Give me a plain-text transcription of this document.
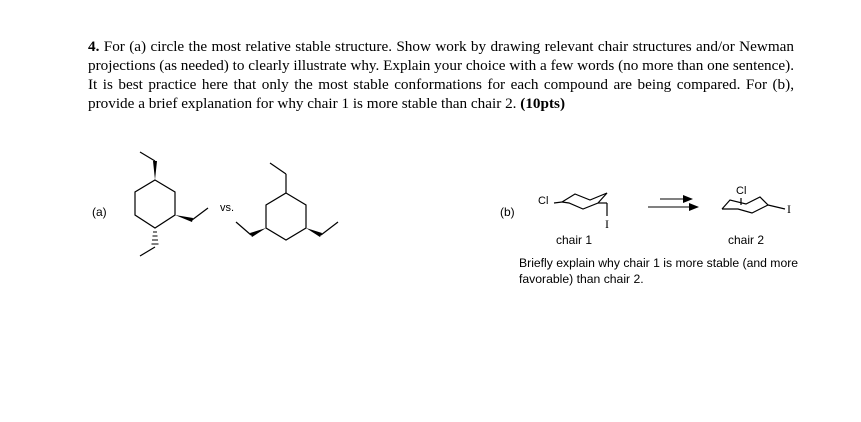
4. For (a) circle the most relative stable structure. Show work by drawing relevant chair structures and/or Newman projections (as needed) to clearly illustrate why. Explain your choice with a few words (no more than one sentence). It is best practice here that only the most stable conformations for each compound are being compared. For (b), provide a brief explanation for why chair 1 is more stable than chair 2. (10pts)
(a)	vs.	(b)
Cl
I
chair 1
Cl
I
chair 2
Briefly explain why chair 1 is more stable (and more favorable) than chair 2.
